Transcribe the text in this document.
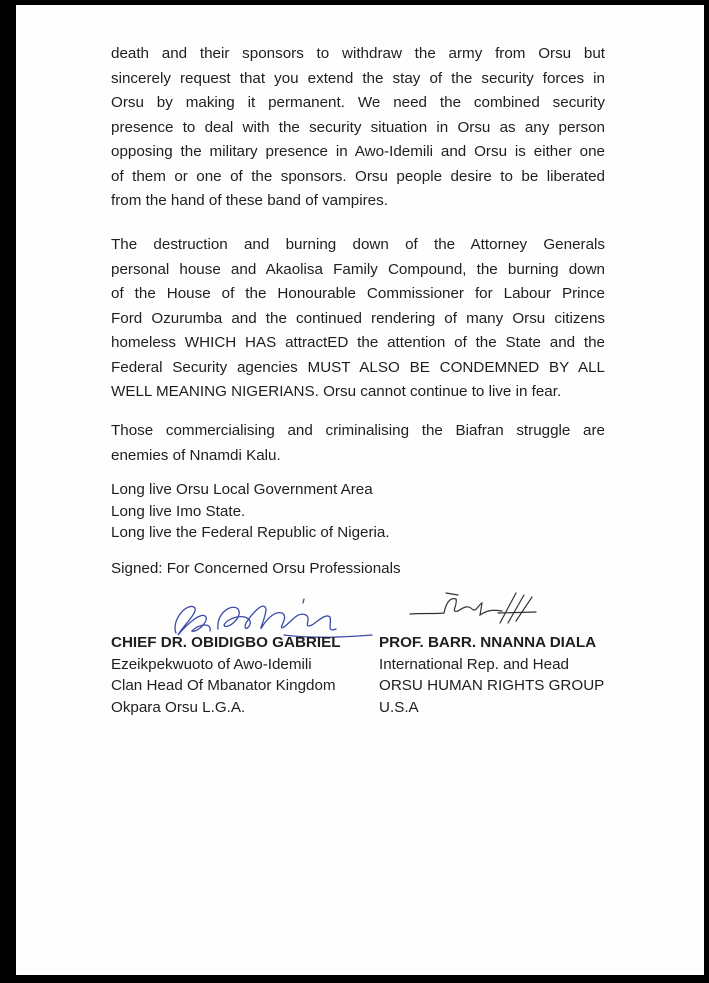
death and their sponsors to withdraw the army from Orsu but
sincerely request that you extend the stay of the security forces in
Orsu by making it permanent. We need the combined security
presence to deal with the security situation in Orsu as any person
opposing the military presence in Awo-Idemili and Orsu is either one
of them or one of the sponsors. Orsu people desire to be liberated
from the hand of these band of vampires.
The destruction and burning down of the Attorney Generals
personal house and Akaolisa Family Compound, the burning down
of the House of the Honourable Commissioner for Labour Prince
Ford Ozurumba and the continued rendering of many Orsu citizens
homeless WHICH HAS attractED the attention of the State and the
Federal Security agencies MUST ALSO BE CONDEMNED BY ALL
WELL MEANING NIGERIANS. Orsu cannot continue to live in fear.
Those commercialising and criminalising the Biafran struggle are
enemies of Nnamdi Kalu.
Long live Orsu Local Government Area
Long live Imo State.
Long live the Federal Republic of Nigeria.
Signed: For Concerned Orsu Professionals
CHIEF DR. OBIDIGBO GABRIEL
Ezeikpekwuoto of Awo-Idemili
Clan Head Of Mbanator Kingdom
Okpara Orsu L.G.A.
PROF. BARR. NNANNA DIALA
International Rep. and Head
ORSU HUMAN RIGHTS GROUP
U.S.A
